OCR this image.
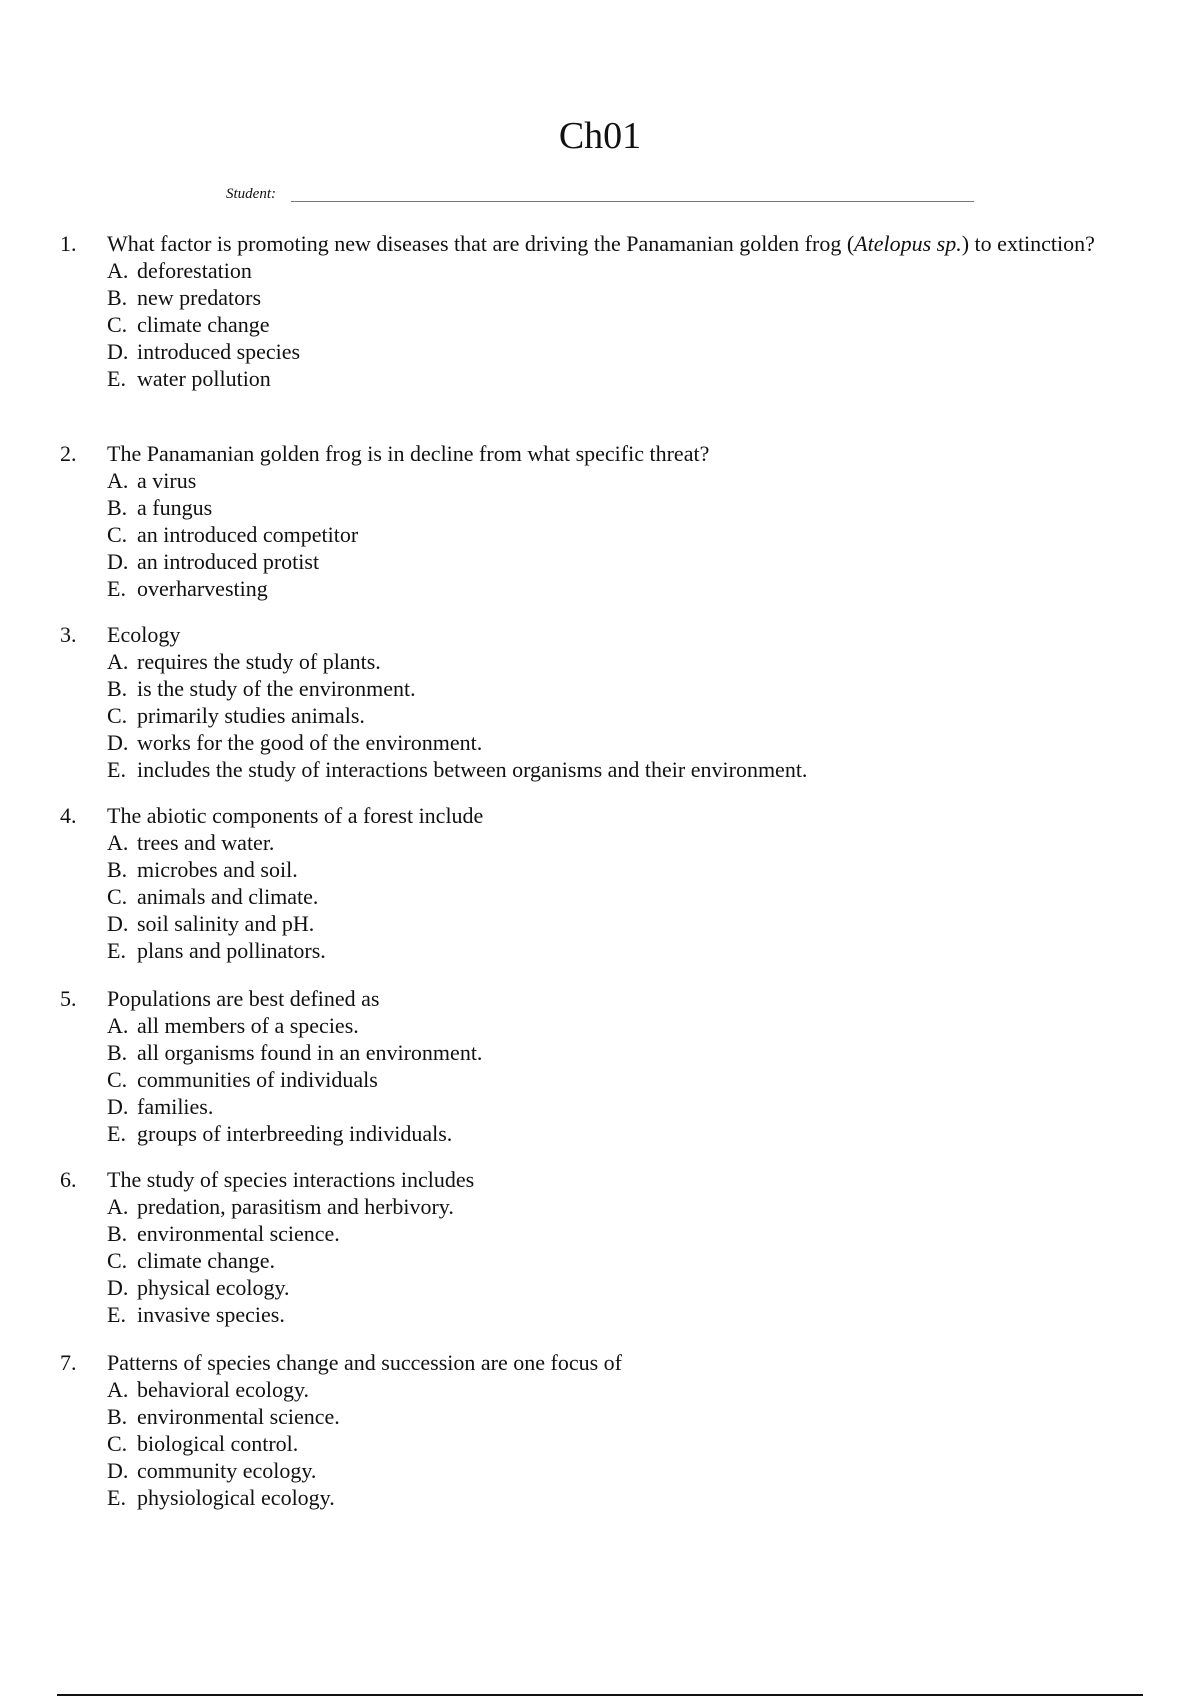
Ch01
Student:
1.	What factor is promoting new diseases that are driving the Panamanian golden frog (Atelopus sp.) to extinction?
A. deforestation
B. new predators
C. climate change
D. introduced species
E. water pollution
2.	The Panamanian golden frog is in decline from what specific threat?
A. a virus
B. a fungus
C. an introduced competitor
D. an introduced protist
E. overharvesting
3.	Ecology
A. requires the study of plants.
B. is the study of the environment.
C. primarily studies animals.
D. works for the good of the environment.
E. includes the study of interactions between organisms and their environment.
4.	The abiotic components of a forest include
A. trees and water.
B. microbes and soil.
C. animals and climate.
D. soil salinity and pH.
E. plans and pollinators.
5.	Populations are best defined as
A. all members of a species.
B. all organisms found in an environment.
C. communities of individuals
D. families.
E. groups of interbreeding individuals.
6.	The study of species interactions includes
A. predation, parasitism and herbivory.
B. environmental science.
C. climate change.
D. physical ecology.
E. invasive species.
7.	Patterns of species change and succession are one focus of
A. behavioral ecology.
B. environmental science.
C. biological control.
D. community ecology.
E. physiological ecology.
